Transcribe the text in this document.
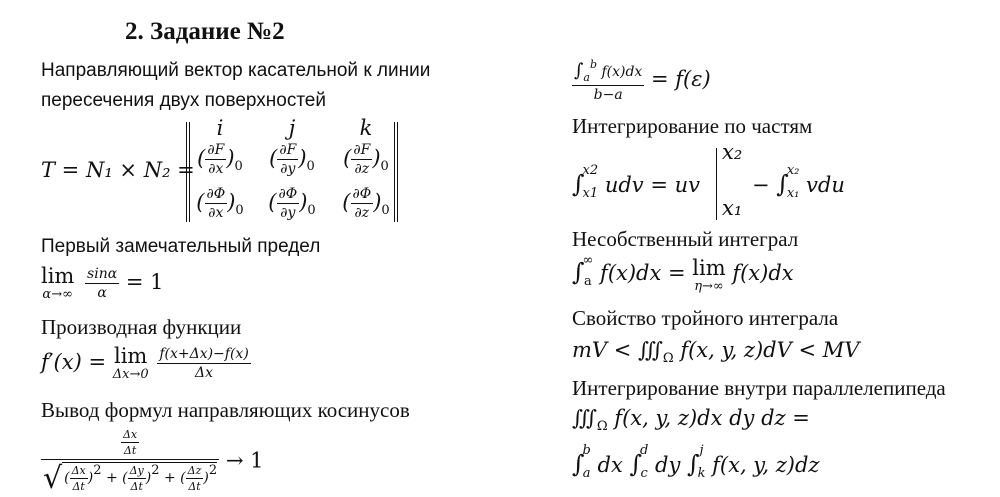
2. Задание №2
Направляющий вектор касательной к линии
пересечения двух поверхностей
T = N₁ × N₂ =
i	j	k
( $\frac{\partial F}{\partial x} )_0$	( $\frac{\partial F}{\partial y} )_0$	( $\frac{\partial F}{\partial z} )_0$
( $\frac{\partial\Phi}{\partial x} )_0$ ( $\frac{\partial\Phi}{\partial y} )_0$ ( $\frac{\partial\Phi}{\partial z} )_0$
Первый замечательный предел
lim
α→∞
$\frac{\sin\alpha}{\alpha} = 1$
Производная функции
f′(x) = lim
Δx→0
$\frac{f(x+\Delta x)-f(x)}{\Delta x}$
Вывод формул направляющих косинусов
$\frac{\frac{\Delta x}{\Delta t}}{√ ( \frac{\Delta x}{\Delta t} )2 + ( \frac{\Delta y}{\Delta t} )2 + ( \frac{\Delta z}{\Delta t} )2} \to 1$
$\frac{\int_a^b f(x)dx}{b-a} = f(\varepsilon)$
Интегрирование по частям
∫
x2
x1 udv = uv
x₂
x₁
− ∫
x₂
x₁ vdu
Несобственный интеграл
∫
∞
a f(x)dx = lim
η→∞
f(x)dx
Свойство тройного интеграла
mV < $∭_\Omega$ f(x, y, z)dV < MV
Интегрирование внутри параллелепипеда
$∭_\Omega$ f(x, y, z)dx dy dz =
∫
b
a dx ∫
d
c dy ∫ j
k f(x, y, z)dz
